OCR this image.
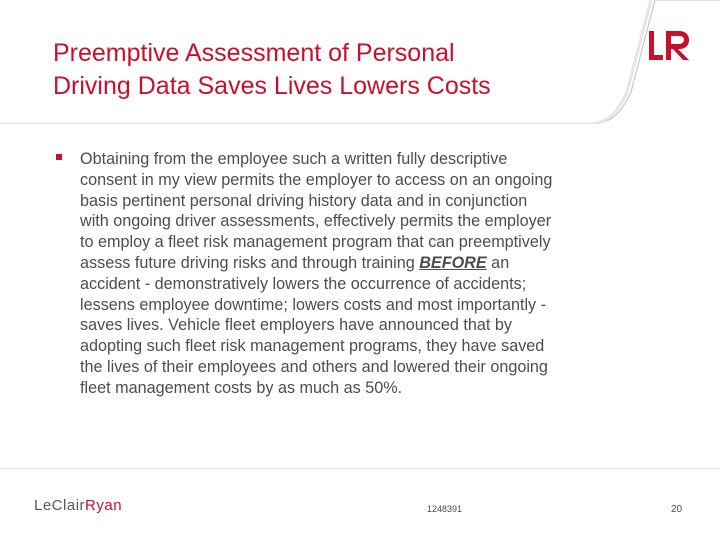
Preemptive Assessment of Personal
Driving Data Saves Lives Lowers Costs
Obtaining from the employee such a written fully descriptive
consent in my view permits the employer to access on an ongoing
basis pertinent personal driving history data and in conjunction
with ongoing driver assessments, effectively permits the employer
to employ a fleet risk management program that can preemptively
assess future driving risks and through training BEFORE an
accident - demonstratively lowers the occurrence of accidents;
lessens employee downtime; lowers costs and most importantly -
saves lives. Vehicle fleet employers have announced that by
adopting such fleet risk management programs, they have saved
the lives of their employees and others and lowered their ongoing
fleet management costs by as much as 50%.
LeClairRyan	1248391	20
